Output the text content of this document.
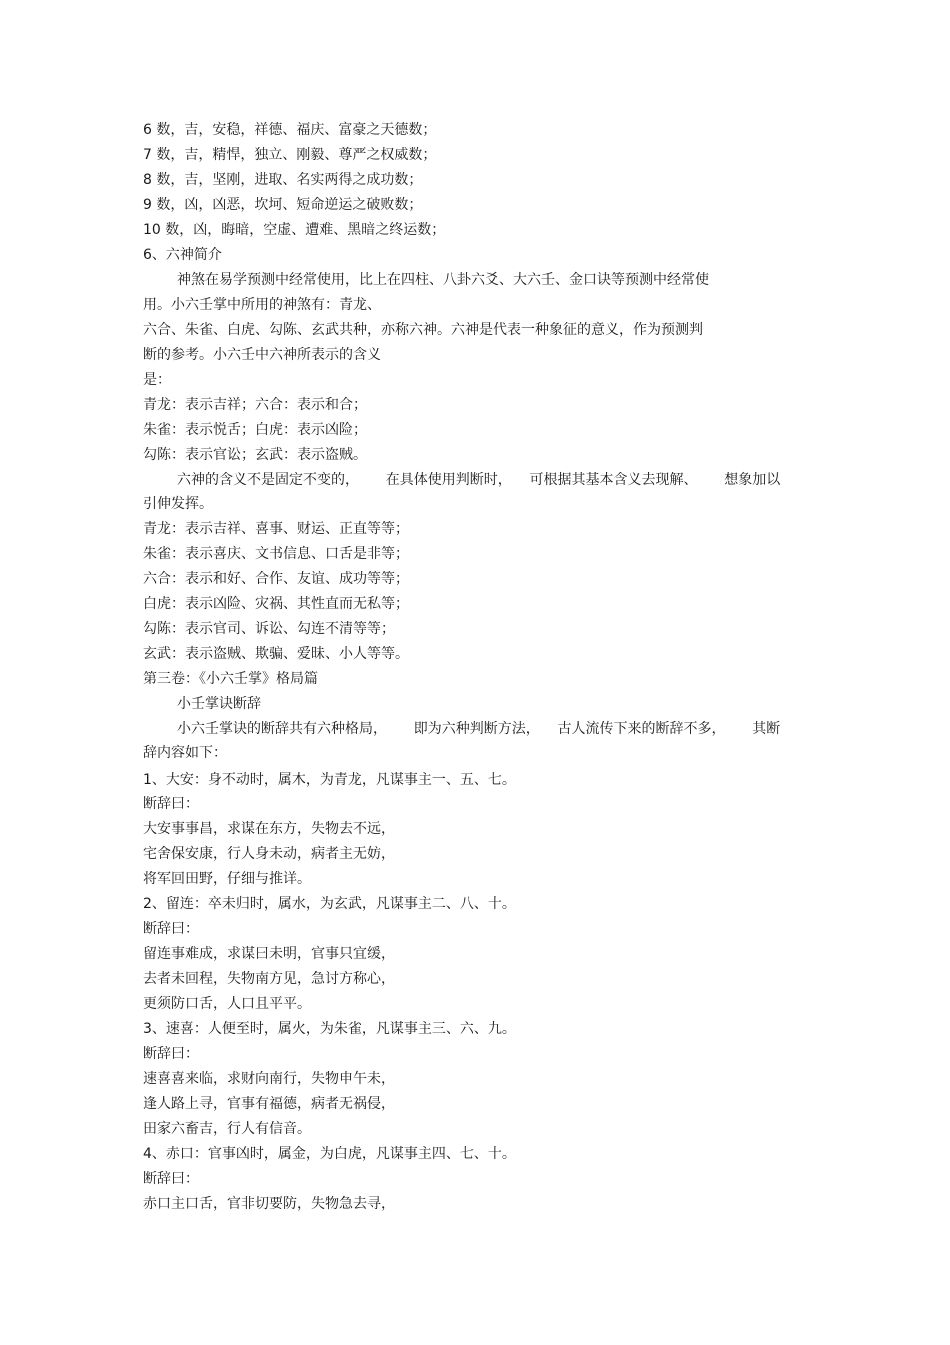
6 数，吉，安稳，祥德、福庆、富豪之天德数；
7 数，吉，精悍，独立、刚毅、尊严之权威数；
8 数，吉，坚刚，进取、名实两得之成功数；
9 数，凶，凶恶，坎坷、短命逆运之破败数；
10 数，凶，晦暗，空虚、遭难、黑暗之终运数；
6、六神简介
神煞在易学预测中经常使用，比上在四柱、八卦六爻、大六壬、金口诀等预测中经常使
用。小六壬掌中所用的神煞有：青龙、
六合、朱雀、白虎、勾陈、玄武共种，亦称六神。六神是代表一种象征的意义，作为预测判
断的参考。小六壬中六神所表示的含义
是：
青龙：表示吉祥；六合：表示和合；
朱雀：表示悦舌；白虎：表示凶险；
勾陈：表示官讼；玄武：表示盗贼。
六神的含义不是固定不变的，      在具体使用判断时，    可根据其基本含义去现解、      想象加以
引伸发挥。
青龙：表示吉祥、喜事、财运、正直等等；
朱雀：表示喜庆、文书信息、口舌是非等；
六合：表示和好、合作、友谊、成功等等；
白虎：表示凶险、灾祸、其性直而无私等；
勾陈：表示官司、诉讼、勾连不清等等；
玄武：表示盗贼、欺骗、爱昧、小人等等。
第三卷：《小六壬掌》格局篇
小壬掌诀断辞
小六壬掌诀的断辞共有六种格局，      即为六种判断方法，    古人流传下来的断辞不多，      其断
辞内容如下：
1、大安：身不动时，属木，为青龙，凡谋事主一、五、七。
断辞曰：
大安事事昌，求谋在东方，失物去不远，
宅舍保安康，行人身未动，病者主无妨，
将军回田野，仔细与推详。
2、留连：卒未归时，属水，为玄武，凡谋事主二、八、十。
断辞曰：
留连事难成，求谋曰未明，官事只宜缓，
去者未回程，失物南方见，急讨方称心，
更须防口舌，人口且平平。
3、速喜：人便至时，属火，为朱雀，凡谋事主三、六、九。
断辞曰：
速喜喜来临，求财向南行，失物申午未，
逢人路上寻，官事有福德，病者无祸侵，
田家六畜吉，行人有信音。
4、赤口：官事凶时，属金，为白虎，凡谋事主四、七、十。
断辞曰：
赤口主口舌，官非切要防，失物急去寻，
